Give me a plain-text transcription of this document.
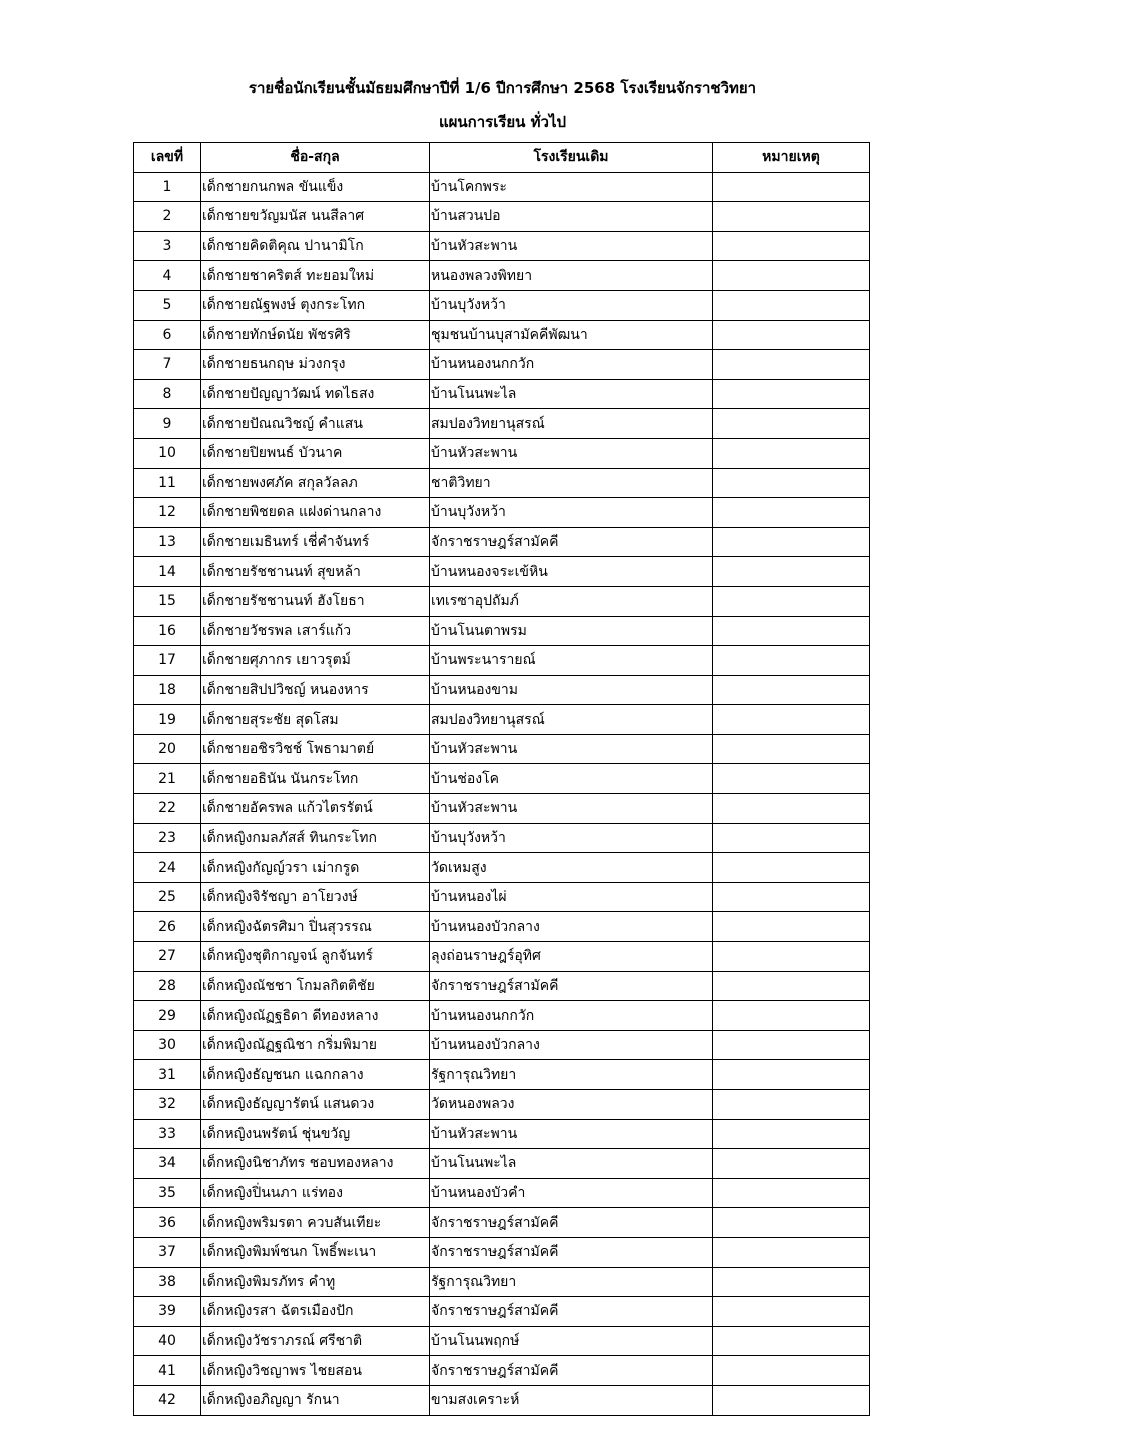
รายชื่อนักเรียนชั้นมัธยมศึกษาปีที่ 1/6 ปีการศึกษา 2568 โรงเรียนจักราชวิทยา
แผนการเรียน ทั่วไป
เลขที่	ชื่อ-สกุล	โรงเรียนเดิม	หมายเหตุ
1	เด็กชายกนกพล ขันแข็ง	บ้านโคกพระ	
2	เด็กชายขวัญมนัส นนสีลาศ	บ้านสวนปอ	
3	เด็กชายคิดติคุณ ปานามิโก	บ้านหัวสะพาน	
4	เด็กชายชาคริตส์ ทะยอมใหม่	หนองพลวงพิทยา	
5	เด็กชายณัฐพงษ์ ตุงกระโทก	บ้านบุวังหว้า	
6	เด็กชายทักษ์ดนัย พัชรศิริ	ชุมชนบ้านบุสามัคคีพัฒนา	
7	เด็กชายธนกฤษ ม่วงกรุง	บ้านหนองนกกวัก	
8	เด็กชายปัญญาวัฒน์ ทดไธสง	บ้านโนนพะไล	
9	เด็กชายปัณณวิชญ์ คำแสน	สมปองวิทยานุสรณ์	
10	เด็กชายปิยพนธ์ บัวนาค	บ้านหัวสะพาน	
11	เด็กชายพงศภัค สกุลวัลลภ	ชาติวิทยา	
12	เด็กชายพิชยดล แฝงด่านกลาง	บ้านบุวังหว้า	
13	เด็กชายเมธินทร์ เชี่คำจันทร์	จักราชราษฎร์สามัคคี	
14	เด็กชายรัชชานนท์ สุขหล้า	บ้านหนองจระเข้หิน	
15	เด็กชายรัชชานนท์ ฮังโยธา	เทเรซาอุปถัมภ์	
16	เด็กชายวัชรพล เสาร์แก้ว	บ้านโนนตาพรม	
17	เด็กชายศุภากร เยาวรุตม์	บ้านพระนารายณ์	
18	เด็กชายสิปปวิชญ์ หนองหาร	บ้านหนองขาม	
19	เด็กชายสุระชัย สุดโสม	สมปองวิทยานุสรณ์	
20	เด็กชายอชิรวิชช์ โพธามาตย์	บ้านหัวสะพาน	
21	เด็กชายอธินัน นันกระโทก	บ้านช่องโค	
22	เด็กชายอัครพล แก้วไตรรัตน์	บ้านหัวสะพาน	
23	เด็กหญิงกมลภัสส์ ทินกระโทก	บ้านบุวังหว้า	
24	เด็กหญิงกัญญ์วรา เม่ากรูด	วัดเหมสูง	
25	เด็กหญิงจิรัชญา อาโยวงษ์	บ้านหนองไผ่	
26	เด็กหญิงฉัตรศิมา ปิ่นสุวรรณ	บ้านหนองบัวกลาง	
27	เด็กหญิงชุติกาญจน์ ลูกจันทร์	ลุงถ่อนราษฎร์อุทิศ	
28	เด็กหญิงณัชชา โกมลกิตติชัย	จักราชราษฎร์สามัคคี	
29	เด็กหญิงณัฏฐธิดา ดีทองหลาง	บ้านหนองนกกวัก	
30	เด็กหญิงณัฏฐณิชา กริ่มพิมาย	บ้านหนองบัวกลาง	
31	เด็กหญิงธัญชนก แฉกกลาง	รัฐการุณวิทยา	
32	เด็กหญิงธัญญารัตน์ แสนดวง	วัดหนองพลวง	
33	เด็กหญิงนพรัตน์ ชุ่นขวัญ	บ้านหัวสะพาน	
34	เด็กหญิงนิชาภัทร ชอบทองหลาง	บ้านโนนพะไล	
35	เด็กหญิงปิ่นนภา แร่ทอง	บ้านหนองบัวคำ	
36	เด็กหญิงพริมรตา ควบสันเทียะ	จักราชราษฎร์สามัคคี	
37	เด็กหญิงพิมพ์ชนก โพธิ์พะเนา	จักราชราษฎร์สามัคคี	
38	เด็กหญิงพิมรภัทร คำทู	รัฐการุณวิทยา	
39	เด็กหญิงรสา ฉัตรเมืองปัก	จักราชราษฎร์สามัคคี	
40	เด็กหญิงวัชราภรณ์ ศรีชาติ	บ้านโนนพฤกษ์	
41	เด็กหญิงวิชญาพร ไชยสอน	จักราชราษฎร์สามัคคี	
42	เด็กหญิงอภิญญา รักนา	ขามสงเคราะห์	
